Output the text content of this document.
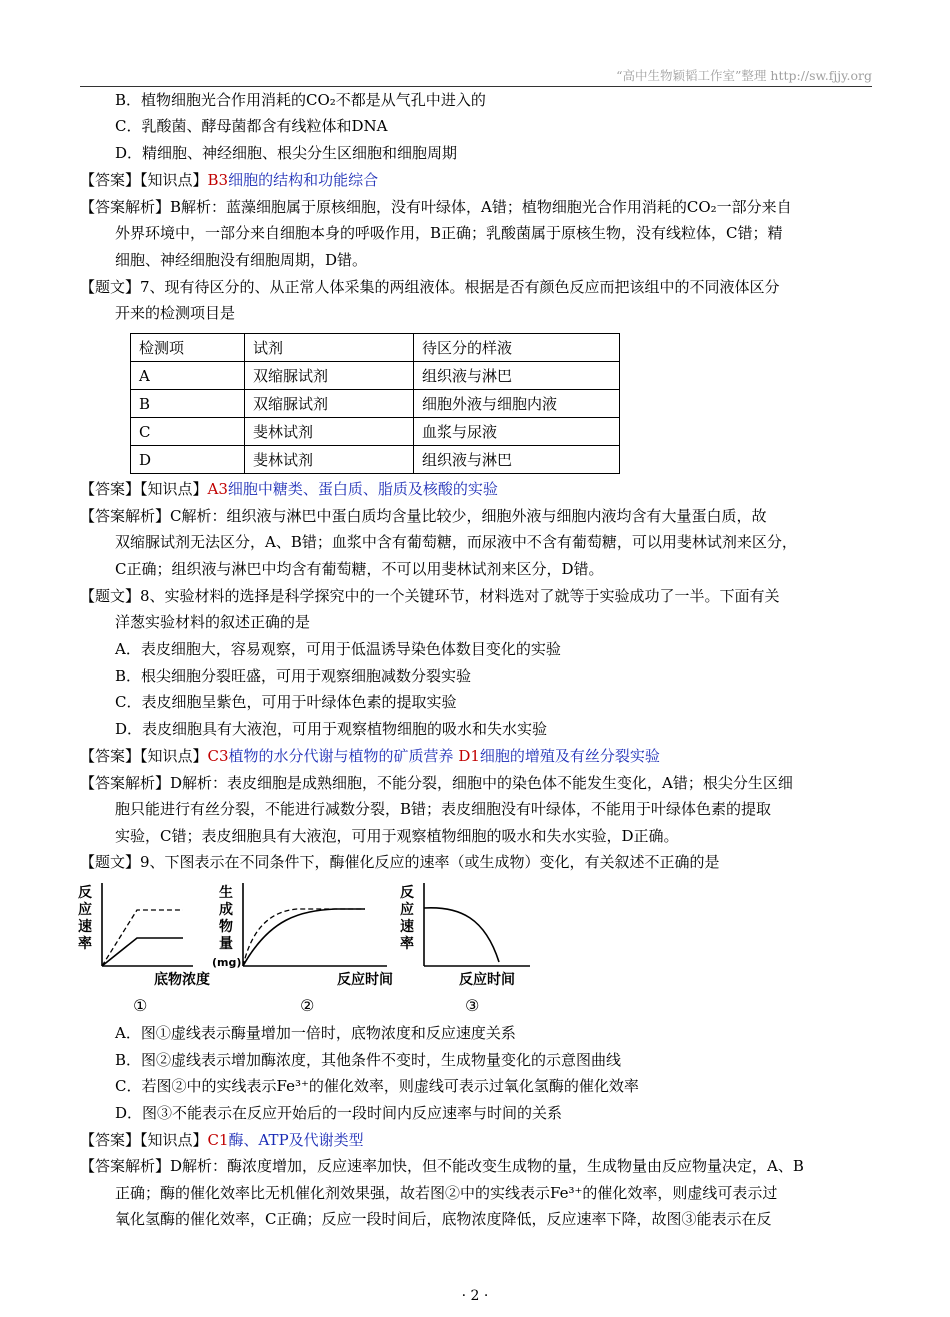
“高中生物颖韬工作室”整理 http://sw.fjjy.org
B．植物细胞光合作用消耗的CO₂不都是从气孔中进入的
C．乳酸菌、酵母菌都含有线粒体和DNA
D．精细胞、神经细胞、根尖分生区细胞和细胞周期
【答案】【知识点】B3细胞的结构和功能综合
【答案解析】B解析：蓝藻细胞属于原核细胞，没有叶绿体，A错；植物细胞光合作用消耗的CO₂一部分来自
外界环境中，一部分来自细胞本身的呼吸作用，B正确；乳酸菌属于原核生物，没有线粒体，C错；精
细胞、神经细胞没有细胞周期，D错。
【题文】7、现有待区分的、从正常人体采集的两组液体。根据是否有颜色反应而把该组中的不同液体区分
开来的检测项目是
检测项	试剂	待区分的样液
A	双缩脲试剂	组织液与淋巴
B	双缩脲试剂	细胞外液与细胞内液
C	斐林试剂	血浆与尿液
D	斐林试剂	组织液与淋巴
【答案】【知识点】A3细胞中糖类、蛋白质、脂质及核酸的实验
【答案解析】C解析：组织液与淋巴中蛋白质均含量比较少，细胞外液与细胞内液均含有大量蛋白质，故
双缩脲试剂无法区分，A、B错；血浆中含有葡萄糖，而尿液中不含有葡萄糖，可以用斐林试剂来区分，
C正确；组织液与淋巴中均含有葡萄糖，不可以用斐林试剂来区分，D错。
【题文】8、实验材料的选择是科学探究中的一个关键环节，材料选对了就等于实验成功了一半。下面有关
洋葱实验材料的叙述正确的是
A．表皮细胞大，容易观察，可用于低温诱导染色体数目变化的实验
B．根尖细胞分裂旺盛，可用于观察细胞减数分裂实验
C．表皮细胞呈紫色，可用于叶绿体色素的提取实验
D．表皮细胞具有大液泡，可用于观察植物细胞的吸水和失水实验
【答案】【知识点】C3植物的水分代谢与植物的矿质营养 D1细胞的增殖及有丝分裂实验
【答案解析】D解析：表皮细胞是成熟细胞，不能分裂，细胞中的染色体不能发生变化，A错；根尖分生区细
胞只能进行有丝分裂，不能进行减数分裂，B错；表皮细胞没有叶绿体，不能用于叶绿体色素的提取
实验，C错；表皮细胞具有大液泡，可用于观察植物细胞的吸水和失水实验，D正确。
【题文】9、下图表示在不同条件下，酶催化反应的速率（或生成物）变化，有关叙述不正确的是
反
应
速
率
底物浓度
①
生
成
物
量
(mg)
反应时间
②
反
应
速
率
反应时间
③
A．图①虚线表示酶量增加一倍时，底物浓度和反应速度关系
B．图②虚线表示增加酶浓度，其他条件不变时，生成物量变化的示意图曲线
C．若图②中的实线表示Fe³⁺的催化效率，则虚线可表示过氧化氢酶的催化效率
D．图③不能表示在反应开始后的一段时间内反应速率与时间的关系
【答案】【知识点】C1酶、ATP及代谢类型
【答案解析】D解析：酶浓度增加，反应速率加快，但不能改变生成物的量，生成物量由反应物量决定，A、B
正确；酶的催化效率比无机催化剂效果强，故若图②中的实线表示Fe³⁺的催化效率，则虚线可表示过
氧化氢酶的催化效率，C正确；反应一段时间后，底物浓度降低，反应速率下降，故图③能表示在反
· 2 ·
